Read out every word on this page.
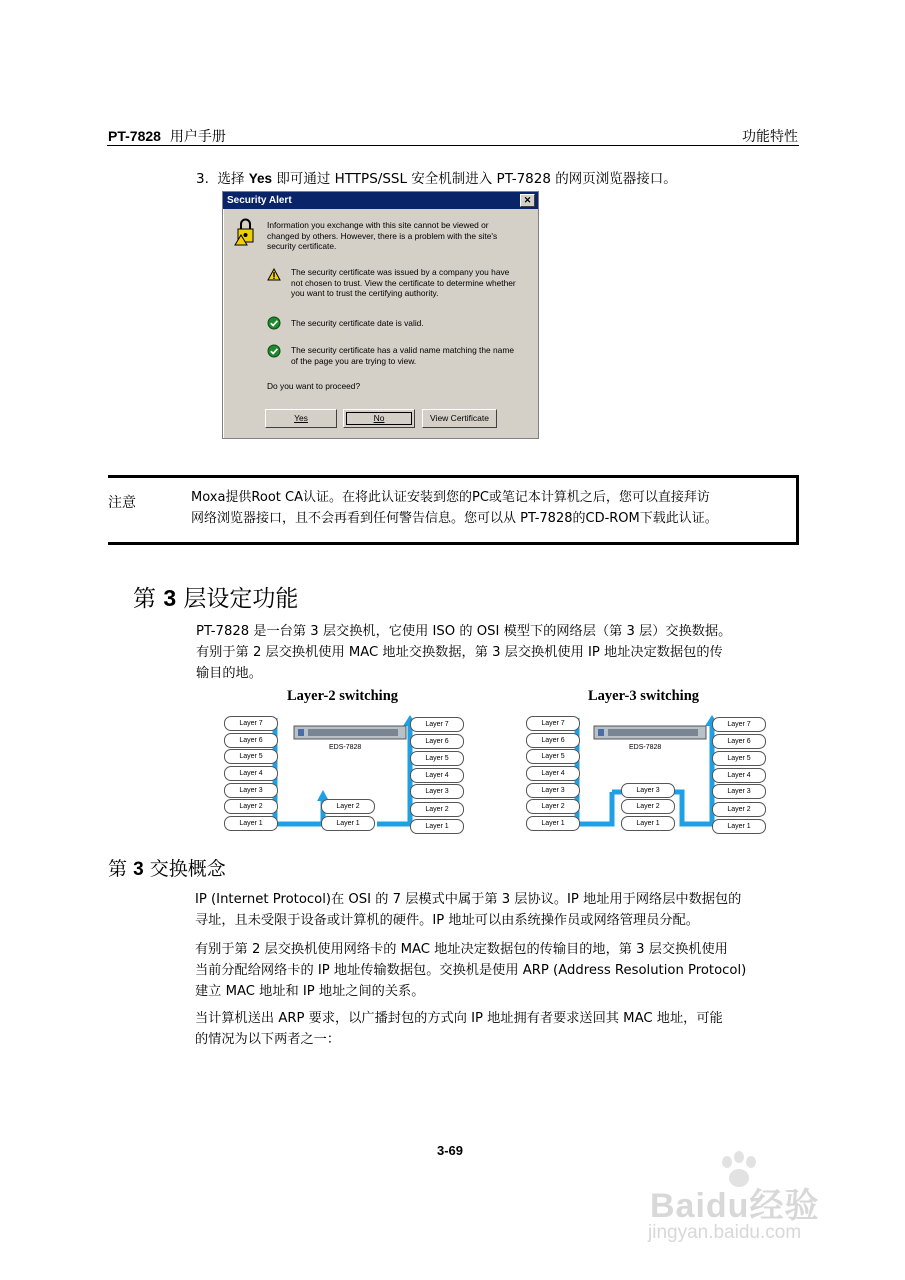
PT-7828 用户手册	功能特性
3. 选择 Yes 即可通过 HTTPS/SSL 安全机制进入 PT-7828 的网页浏览器接口。
Security Alert	✕
Information you exchange with this site cannot be viewed or
changed by others. However, there is a problem with the site's
security certificate.
The security certificate was issued by a company you have
not chosen to trust. View the certificate to determine whether
you want to trust the certifying authority.
The security certificate date is valid.
The security certificate has a valid name matching the name
of the page you are trying to view.
Do you want to proceed?
Yes	No	View Certificate
注意	Moxa提供Root CA认证。在将此认证安装到您的PC或笔记本计算机之后，您可以直接拜访

网络浏览器接口，且不会再看到任何警告信息。您可以从 PT-7828的CD-ROM下载此认证。

第 3 层设定功能

PT-7828 是一台第 3 层交换机，它使用 ISO 的 OSI 模型下的网络层（第 3 层）交换数据。

有别于第 2 层交换机使用 MAC 地址交换数据，第 3 层交换机使用 IP 地址决定数据包的传

输目的地。

Layer-2 switching	Layer-3 switching
EDS-7828
Layer 7
Layer 6
Layer 5
Layer 4
Layer 3
Layer 2
Layer 1
Layer 2
Layer 1
Layer 7
Layer 6
Layer 5
Layer 4
Layer 3
Layer 2
Layer 1
EDS-7828
Layer 7
Layer 6
Layer 5
Layer 4
Layer 3
Layer 2
Layer 1
Layer 3
Layer 2
Layer 1
Layer 7
Layer 6
Layer 5
Layer 4
Layer 3
Layer 2
Layer 1
第 3 交换概念

IP (Internet Protocol)在 OSI 的 7 层模式中属于第 3 层协议。IP 地址用于网络层中数据包的

寻址，且未受限于设备或计算机的硬件。IP 地址可以由系统操作员或网络管理员分配。

有别于第 2 层交换机使用网络卡的 MAC 地址决定数据包的传输目的地，第 3 层交换机使用

当前分配给网络卡的 IP 地址传输数据包。交换机是使用 ARP (Address Resolution Protocol)

建立 MAC 地址和 IP 地址之间的关系。

当计算机送出 ARP 要求，以广播封包的方式向 IP 地址拥有者要求送回其 MAC 地址，可能

的情况为以下两者之一：

3-69
Baidu经验
jingyan.baidu.com
